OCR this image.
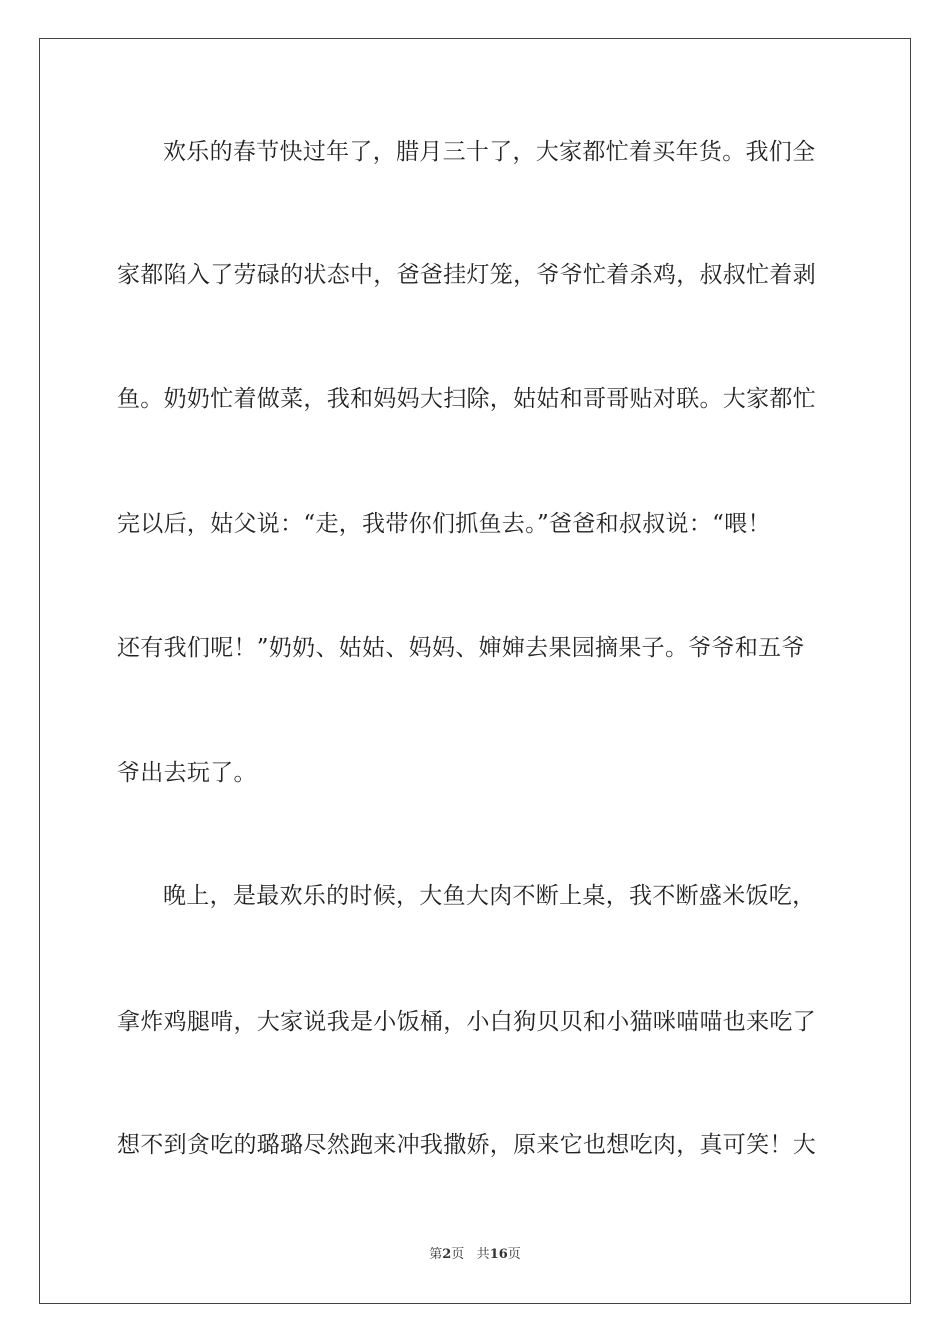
欢乐的春节快过年了，腊月三十了，大家都忙着买年货。我们全
家都陷入了劳碌的状态中，爸爸挂灯笼，爷爷忙着杀鸡，叔叔忙着剥
鱼。奶奶忙着做菜，我和妈妈大扫除，姑姑和哥哥贴对联。大家都忙
完以后，姑父说：“走，我带你们抓鱼去。”爸爸和叔叔说：“喂！
还有我们呢！”奶奶、姑姑、妈妈、婶婶去果园摘果子。爷爷和五爷
爷出去玩了。
晚上，是最欢乐的时候，大鱼大肉不断上桌，我不断盛米饭吃，
拿炸鸡腿啃，大家说我是小饭桶，小白狗贝贝和小猫咪喵喵也来吃了
想不到贪吃的璐璐尽然跑来冲我撒娇，原来它也想吃肉，真可笑！大
第2页 共16页
